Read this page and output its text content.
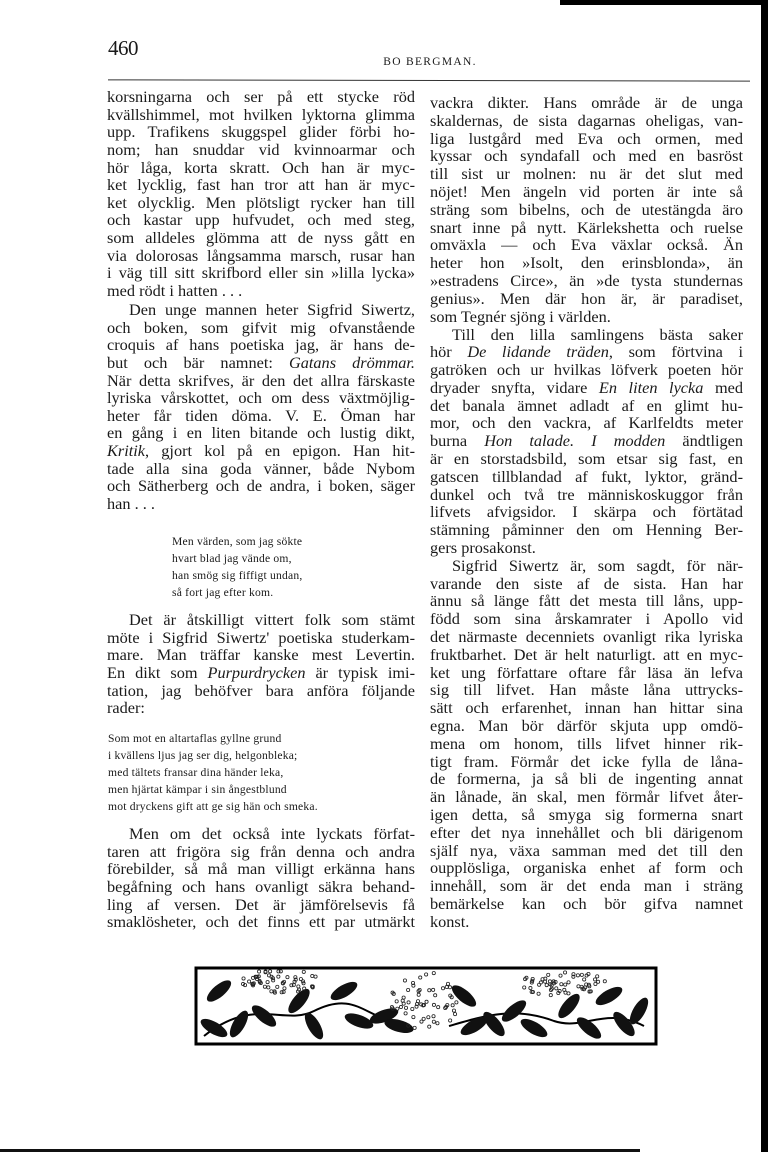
460
BO BERGMAN.
korsningarna och ser på ett stycke röd
kvällshimmel, mot hvilken lyktorna glimma
upp. Trafikens skuggspel glider förbi ho-
nom; han snuddar vid kvinnoarmar och
hör låga, korta skratt. Och han är myc-
ket lycklig, fast han tror att han är myc-
ket olycklig. Men plötsligt rycker han till
och kastar upp hufvudet, och med steg,
som alldeles glömma att de nyss gått en
via dolorosas långsamma marsch, rusar han
i väg till sitt skrifbord eller sin »lilla lycka»
med rödt i hatten . . .
Den unge mannen heter Sigfrid Siwertz,
och boken, som gifvit mig ofvanstående
croquis af hans poetiska jag, är hans de-
but och bär namnet: Gatans drömmar.
När detta skrifves, är den det allra färskaste
lyriska vårskottet, och om dess växtmöjlig-
heter får tiden döma. V. E. Öman har
en gång i en liten bitande och lustig dikt,
Kritik, gjort kol på en epigon. Han hit-
tade alla sina goda vänner, både Nybom
och Sätherberg och de andra, i boken, säger
han . . .
Men värden, som jag sökte
hvart blad jag vände om,
han smög sig fiffigt undan,
så fort jag efter kom.
Det är åtskilligt vittert folk som stämt
möte i Sigfrid Siwertz' poetiska studerkam-
mare. Man träffar kanske mest Levertin.
En dikt som Purpurdrycken är typisk imi-
tation, jag behöfver bara anföra följande
rader:
Som mot en altartaflas gyllne grund
i kvällens ljus jag ser dig, helgonbleka;
med tältets fransar dina händer leka,
men hjärtat kämpar i sin ångestblund
mot dryckens gift att ge sig hän och smeka.
Men om det också inte lyckats förfat-
taren att frigöra sig från denna och andra
förebilder, så må man villigt erkänna hans
begåfning och hans ovanligt säkra behand-
ling af versen. Det är jämförelsevis få
smaklösheter, och det finns ett par utmärkt
vackra dikter. Hans område är de unga
skaldernas, de sista dagarnas oheligas, van-
liga lustgård med Eva och ormen, med
kyssar och syndafall och med en basröst
till sist ur molnen: nu är det slut med
nöjet! Men ängeln vid porten är inte så
sträng som bibelns, och de utestängda äro
snart inne på nytt. Kärlekshetta och ruelse
omväxla — och Eva växlar också. Än
heter hon »Isolt, den erinsblonda», än
»estradens Circe», än »de tysta stundernas
genius». Men där hon är, är paradiset,
som Tegnér sjöng i världen.
Till den lilla samlingens bästa saker
hör De lidande träden, som förtvina i
gatröken och ur hvilkas löfverk poeten hör
dryader snyfta, vidare En liten lycka med
det banala ämnet adladt af en glimt hu-
mor, och den vackra, af Karlfeldts meter
burna Hon talade. I modden ändtligen
är en storstadsbild, som etsar sig fast, en
gatscen tillblandad af fukt, lyktor, gränd-
dunkel och två tre människoskuggor från
lifvets afvigsidor. I skärpa och förtätad
stämning påminner den om Henning Ber-
gers prosakonst.
Sigfrid Siwertz är, som sagdt, för när-
varande den siste af de sista. Han har
ännu så länge fått det mesta till låns, upp-
född som sina årskamrater i Apollo vid
det närmaste decenniets ovanligt rika lyriska
fruktbarhet. Det är helt naturligt. att en myc-
ket ung författare oftare får läsa än lefva
sig till lifvet. Han måste låna uttrycks-
sätt och erfarenhet, innan han hittar sina
egna. Man bör därför skjuta upp omdö-
mena om honom, tills lifvet hinner rik-
tigt fram. Förmår det icke fylla de låna-
de formerna, ja så bli de ingenting annat
än lånade, än skal, men förmår lifvet åter-
igen detta, så smyga sig formerna snart
efter det nya innehållet och bli därigenom
själf nya, växa samman med det till den
oupplösliga, organiska enhet af form och
innehåll, som är det enda man i sträng
bemärkelse kan och bör gifva namnet
konst.
